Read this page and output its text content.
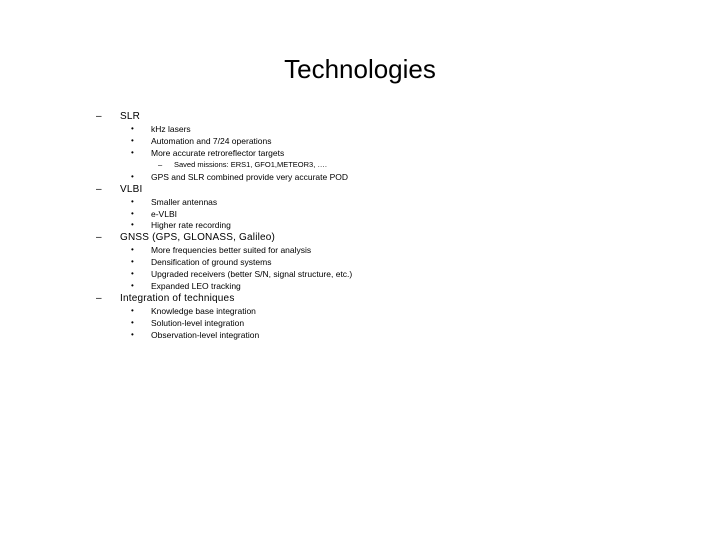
Technologies
– SLR
• kHz lasers
• Automation and 7/24 operations
• More accurate retroreflector targets
– Saved missions: ERS1, GFO1,METEOR3, ….
• GPS and SLR combined provide very accurate POD
– VLBI
• Smaller antennas
• e-VLBI
• Higher rate recording
– GNSS (GPS, GLONASS, Galileo)
• More frequencies better suited for analysis
• Densification of ground systems
• Upgraded receivers (better S/N, signal structure, etc.)
• Expanded LEO tracking
– Integration of techniques
• Knowledge base integration
• Solution-level integration
• Observation-level integration
